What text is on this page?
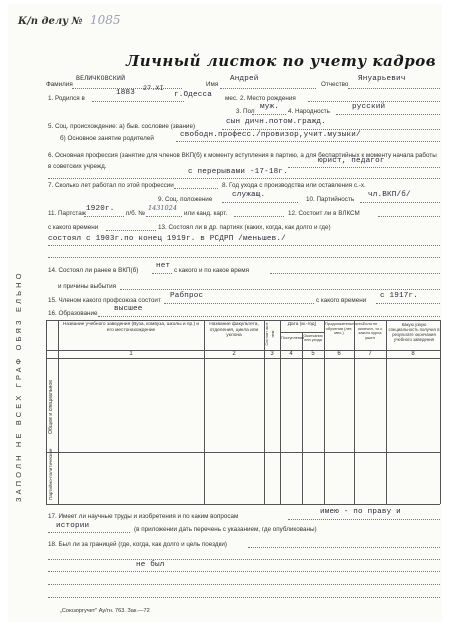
К/п делу № 1085
Личный листок по учету кадров
ЗАПОЛН НЕ ВСЕХ ГРАФ ОБЯЗ ЕЛЬНО
Фамилия
ВЕЛИЧКОВСКИЙ
Имя
Андрей
Отчество
Януарьевич
1. Родился в
1883
27.XI
г.Одесса мес. 2. Место рождения
3. Пол
муж.
4. Народность
русский
5. Соц. происхождение: а) быв. сословие (звание)
сын дичн.потом.гражд.
б) Основное занятие родителей	свободн.професс./провизор,учит.музыки/
6. Основная профессия (занятие для членов ВКП(б) к моменту вступления в партию, а для беспартийных к моменту начала работы в советских учрежд.
юрист, педагог
с перерывами -17-18г.
7. Сколько лет работал по этой профессии	8. Год ухода с производства или оставления с.-х.
9. Соц. положение
служащ.
10. Партийность
чл.ВКП/б/
11. Партстаж
1920г.
п/б. №
1431024
или канд. карт.	12. Состоит ли в ВЛКСМ
с какого времени	13. Состоял ли в др. партиях (каких, когда, как долго и где)
состоял с 1903г.по конец 1919г. в РСДРП /меньшев./
14. Состоял ли ранее в ВКП(б)
нет
с какого и по какое время
и причины выбытия
15. Членом какого профсоюза состоит
Рабпрос
с какого времени
с 1917г.
16. Образование
высшее
Название учебного заведения (Вуза, комвуза, школы и пр.) и его местонахождение
Название факультета, отделения, цикла или уклона	Состоит ли в нем
Дата (м.-год)
Поступления Окончания или ухода
Продолжительность обучения (лет, мес.)
Если не окончил, то с какого курса ушел
Какую узкую специальность получил в результате окончания учебного заведения
1	2	3	4	5	6	7	8
Общее и специальное
Партийно-политическое
17. Имеет ли научные труды и изобретения и по каким вопросам
имею - по праву и
истории	(в приложении дать перечень с указанием, где опубликованы)
18. Был ли за границей (где, когда, как долго и цель поездки)
не был
„Союзоргучет" Ау/гн. 763. Зак.—72
